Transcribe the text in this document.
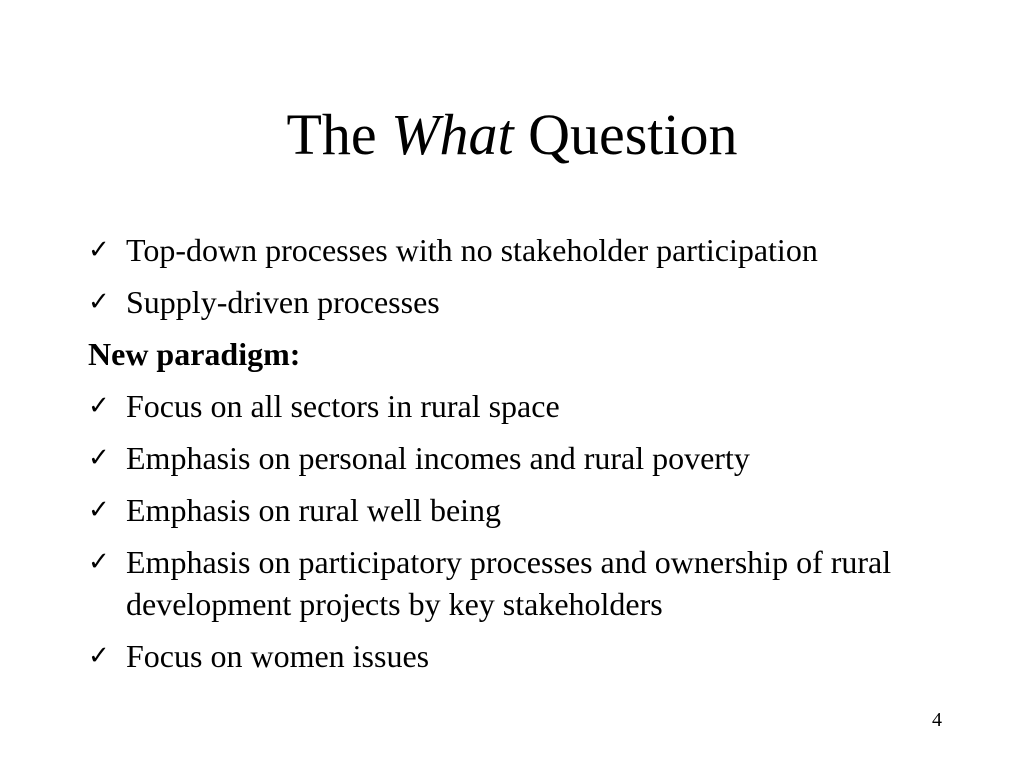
The What Question
✓ Top-down processes with no stakeholder participation
✓ Supply-driven processes
New paradigm:
✓ Focus on all sectors in rural space
✓ Emphasis on personal incomes and rural poverty
✓ Emphasis on rural well being
✓ Emphasis on participatory processes and ownership of rural development projects by key stakeholders
✓ Focus on women issues
4
